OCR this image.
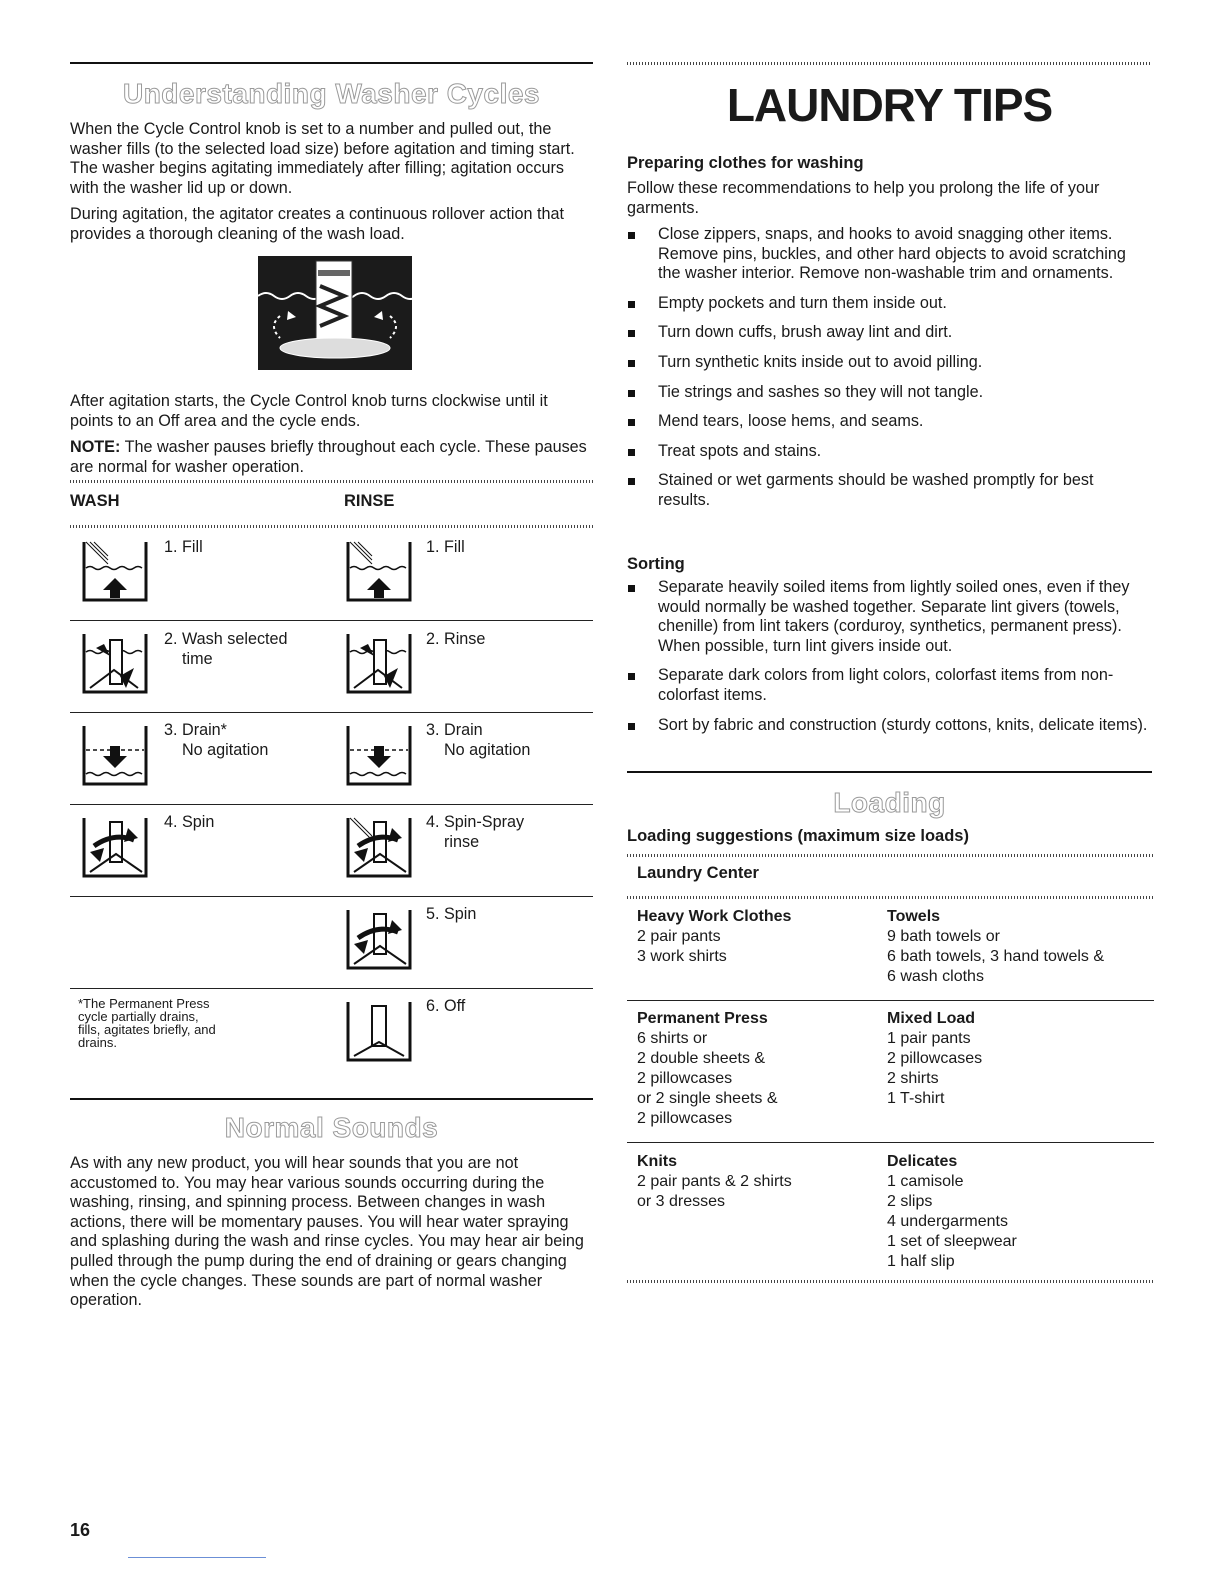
Understanding Washer Cycles

When the Cycle Control knob is set to a number and pulled out, the washer fills (to the selected load size) before agitation and timing start. The washer begins agitating immediately after filling; agitation occurs with the washer lid up or down.

During agitation, the agitator creates a continuous rollover action that provides a thorough cleaning of the wash load.

After agitation starts, the Cycle Control knob turns clockwise until it points to an Off area and the cycle ends.

NOTE: The washer pauses briefly throughout each cycle. These pauses are normal for washer operation.

WASH	RINSE
1. Fill
2. Wash selected
time
3. Drain*
No agitation
4. Spin
1. Fill
2. Rinse
3. Drain
No agitation
4. Spin-Spray
rinse
5. Spin
6. Off
*The Permanent Press
cycle partially drains,
fills, agitates briefly, and
drains.
Normal Sounds

As with any new product, you will hear sounds that you are not accustomed to. You may hear various sounds occurring during the washing, rinsing, and spinning process. Between changes in wash actions, there will be momentary pauses. You will hear water spraying and splashing during the wash and rinse cycles. You may hear air being pulled through the pump during the end of draining or gears changing when the cycle changes. These sounds are part of normal washer operation.

LAUNDRY TIPS
Preparing clothes for washing

Follow these recommendations to help you prolong the life of your garments.

Close zippers, snaps, and hooks to avoid snagging other items. Remove pins, buckles, and other hard objects to avoid scratching the washer interior. Remove non-washable trim and ornaments.
Empty pockets and turn them inside out.
Turn down cuffs, brush away lint and dirt.
Turn synthetic knits inside out to avoid pilling.
Tie strings and sashes so they will not tangle.
Mend tears, loose hems, and seams.
Treat spots and stains.
Stained or wet garments should be washed promptly for best results.
Sorting
Separate heavily soiled items from lightly soiled ones, even if they would normally be washed together. Separate lint givers (towels, chenille) from lint takers (corduroy, synthetics, permanent press). When possible, turn lint givers inside out.
Separate dark colors from light colors, colorfast items from non-colorfast items.
Sort by fabric and construction (sturdy cottons, knits, delicate items).
Loading
Loading suggestions (maximum size loads)
Laundry Center
Heavy Work Clothes
2 pair pants
3 work shirts
Towels
9 bath towels or
6 bath towels, 3 hand towels &
6 wash cloths
Permanent Press
6 shirts or
2 double sheets &
2 pillowcases
or 2 single sheets &
2 pillowcases
Mixed Load
1 pair pants
2 pillowcases
2 shirts
1 T-shirt
Knits
2 pair pants & 2 shirts
or 3 dresses
Delicates
1 camisole
2 slips
4 undergarments
1 set of sleepwear
1 half slip
16
